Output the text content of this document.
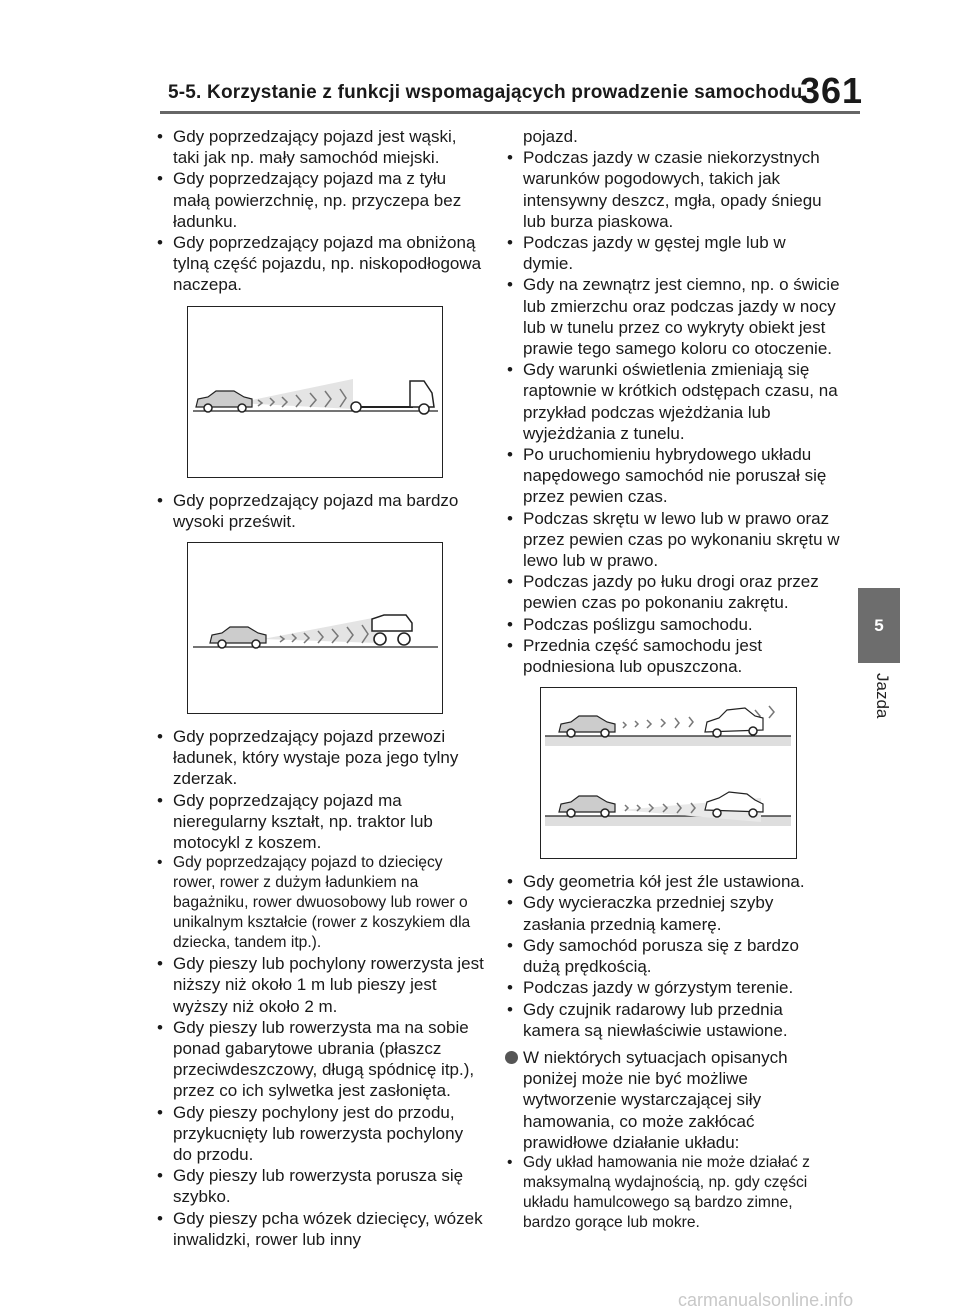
5-5. Korzystanie z funkcji wspomagających prowadzenie samochodu
361
5
Jazda
• Gdy poprzedzający pojazd jest wąski, taki jak np. mały samochód miejski.
• Gdy poprzedzający pojazd ma z tyłu małą powierzchnię, np. przyczepa bez ładunku.
• Gdy poprzedzający pojazd ma obniżoną tylną część pojazdu, np. niskopodłogowa naczepa.
• Gdy poprzedzający pojazd ma bardzo wysoki prześwit.
• Gdy poprzedzający pojazd przewozi ładunek, który wystaje poza jego tylny zderzak.
• Gdy poprzedzający pojazd ma nieregularny kształt, np. traktor lub motocykl z koszem.
• Gdy poprzedzający pojazd to dziecięcy rower, rower z dużym ładunkiem na bagażniku, rower dwuosobowy lub rower o unikalnym kształcie (rower z koszykiem dla dziecka, tandem itp.).
• Gdy pieszy lub pochylony rowerzysta jest niższy niż około 1 m lub pieszy jest wyższy niż około 2 m.
• Gdy pieszy lub rowerzysta ma na sobie ponad gabarytowe ubrania (płaszcz przeciwdeszczowy, długą spódnicę itp.), przez co ich sylwetka jest zasłonięta.
• Gdy pieszy pochylony jest do przodu, przykucnięty lub rowerzysta pochylony do przodu.
• Gdy pieszy lub rowerzysta porusza się szybko.
• Gdy pieszy pcha wózek dziecięcy, wózek inwalidzki, rower lub inny
pojazd.
• Podczas jazdy w czasie niekorzystnych warunków pogodowych, takich jak intensywny deszcz, mgła, opady śniegu lub burza piaskowa.
• Podczas jazdy w gęstej mgle lub w dymie.
• Gdy na zewnątrz jest ciemno, np. o świcie lub zmierzchu oraz podczas jazdy w nocy lub w tunelu przez co wykryty obiekt jest prawie tego samego koloru co otoczenie.
• Gdy warunki oświetlenia zmieniają się raptownie w krótkich odstępach czasu, na przykład podczas wjeżdżania lub wyjeżdżania z tunelu.
• Po uruchomieniu hybrydowego układu napędowego samochód nie poruszał się przez pewien czas.
• Podczas skrętu w lewo lub w prawo oraz przez pewien czas po wykonaniu skrętu w lewo lub w prawo.
• Podczas jazdy po łuku drogi oraz przez pewien czas po pokonaniu zakrętu.
• Podczas poślizgu samochodu.
• Przednia część samochodu jest podniesiona lub opuszczona.
• Gdy geometria kół jest źle ustawiona.
• Gdy wycieraczka przedniej szyby zasłania przednią kamerę.
• Gdy samochód porusza się z bardzo dużą prędkością.
• Podczas jazdy w górzystym terenie.
• Gdy czujnik radarowy lub przednia kamera są niewłaściwie ustawione.
W niektórych sytuacjach opisanych poniżej może nie być możliwe wytworzenie wystarczającej siły hamowania, co może zakłócać prawidłowe działanie układu:
• Gdy układ hamowania nie może działać z maksymalną wydajnością, np. gdy części układu hamulcowego są bardzo zimne, bardzo gorące lub mokre.
carmanualsonline.info
